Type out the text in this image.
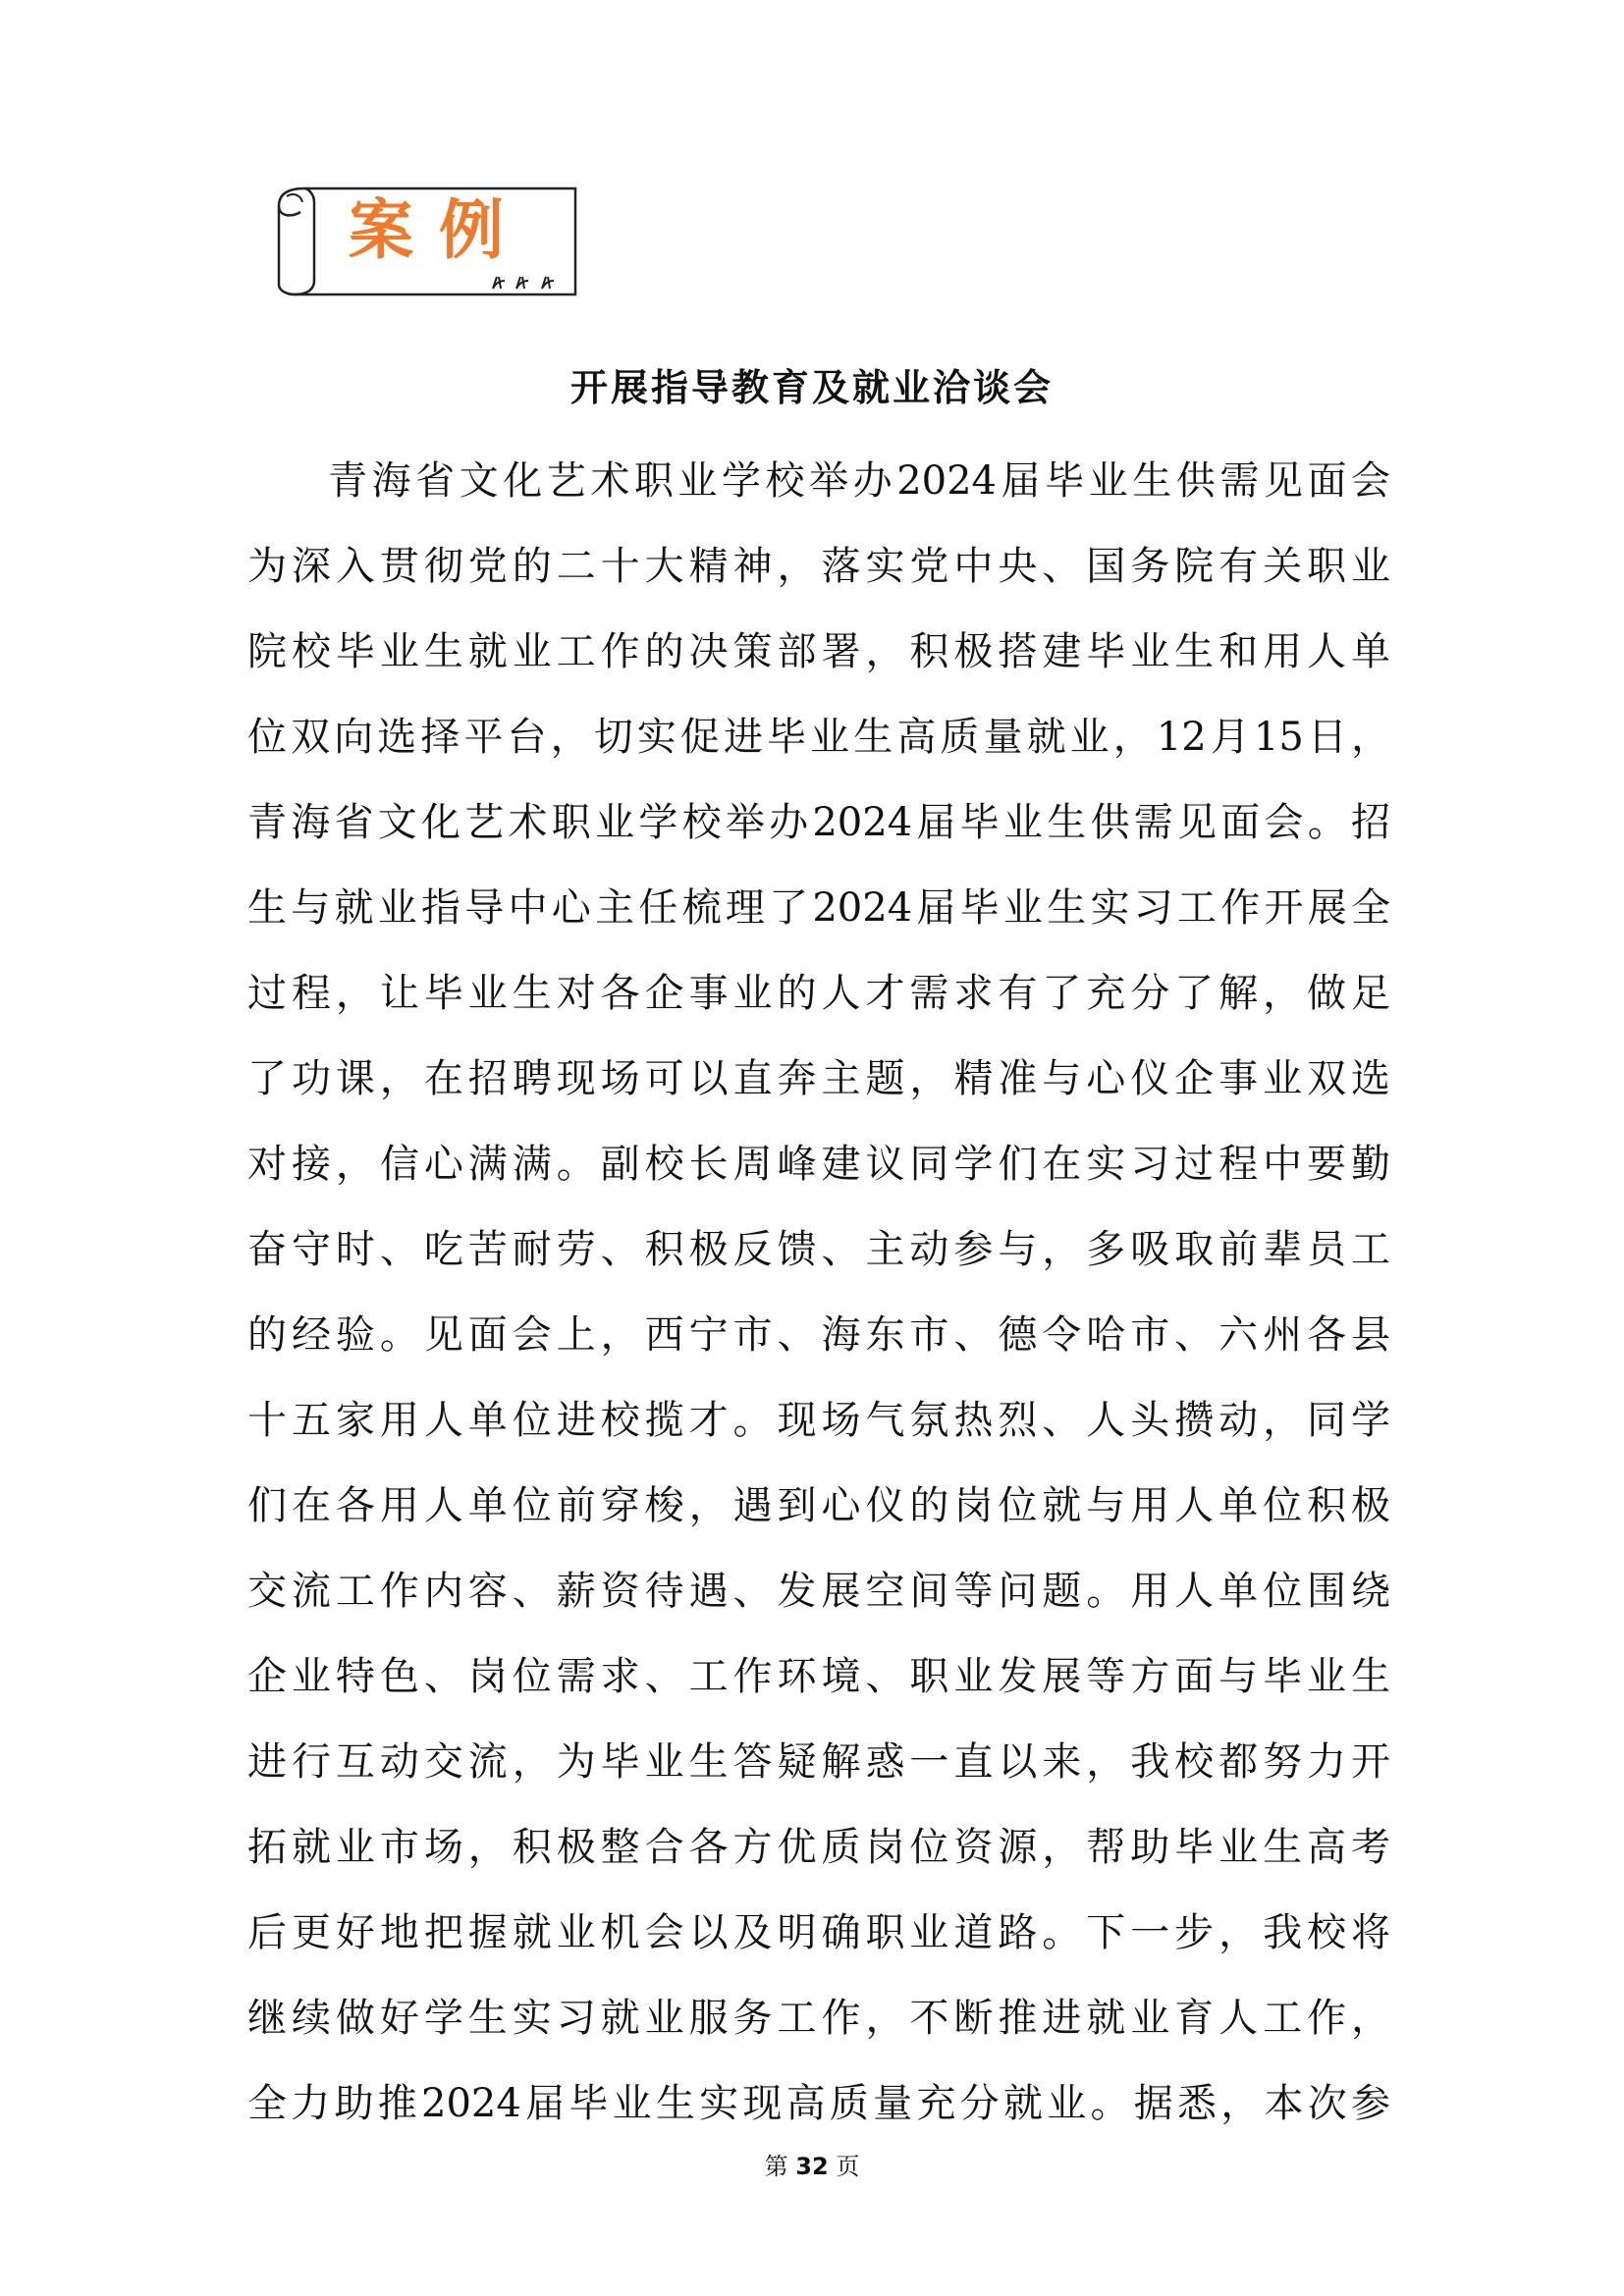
案例
开展指导教育及就业洽谈会
青海省文化艺术职业学校举办2024届毕业生供需见面会
为深入贯彻党的二十大精神，落实党中央、国务院有关职业
院校毕业生就业工作的决策部署，积极搭建毕业生和用人单
位双向选择平台，切实促进毕业生高质量就业，12月15日，
青海省文化艺术职业学校举办2024届毕业生供需见面会。招
生与就业指导中心主任梳理了2024届毕业生实习工作开展全
过程，让毕业生对各企事业的人才需求有了充分了解，做足
了功课，在招聘现场可以直奔主题，精准与心仪企事业双选
对接，信心满满。副校长周峰建议同学们在实习过程中要勤
奋守时、吃苦耐劳、积极反馈、主动参与，多吸取前辈员工
的经验。见面会上，西宁市、海东市、德令哈市、六州各县
十五家用人单位进校揽才。现场气氛热烈、人头攒动，同学
们在各用人单位前穿梭，遇到心仪的岗位就与用人单位积极
交流工作内容、薪资待遇、发展空间等问题。用人单位围绕
企业特色、岗位需求、工作环境、职业发展等方面与毕业生
进行互动交流，为毕业生答疑解惑一直以来，我校都努力开
拓就业市场，积极整合各方优质岗位资源，帮助毕业生高考
后更好地把握就业机会以及明确职业道路。下一步，我校将
继续做好学生实习就业服务工作，不断推进就业育人工作，
全力助推2024届毕业生实现高质量充分就业。据悉，本次参
第 32 页
